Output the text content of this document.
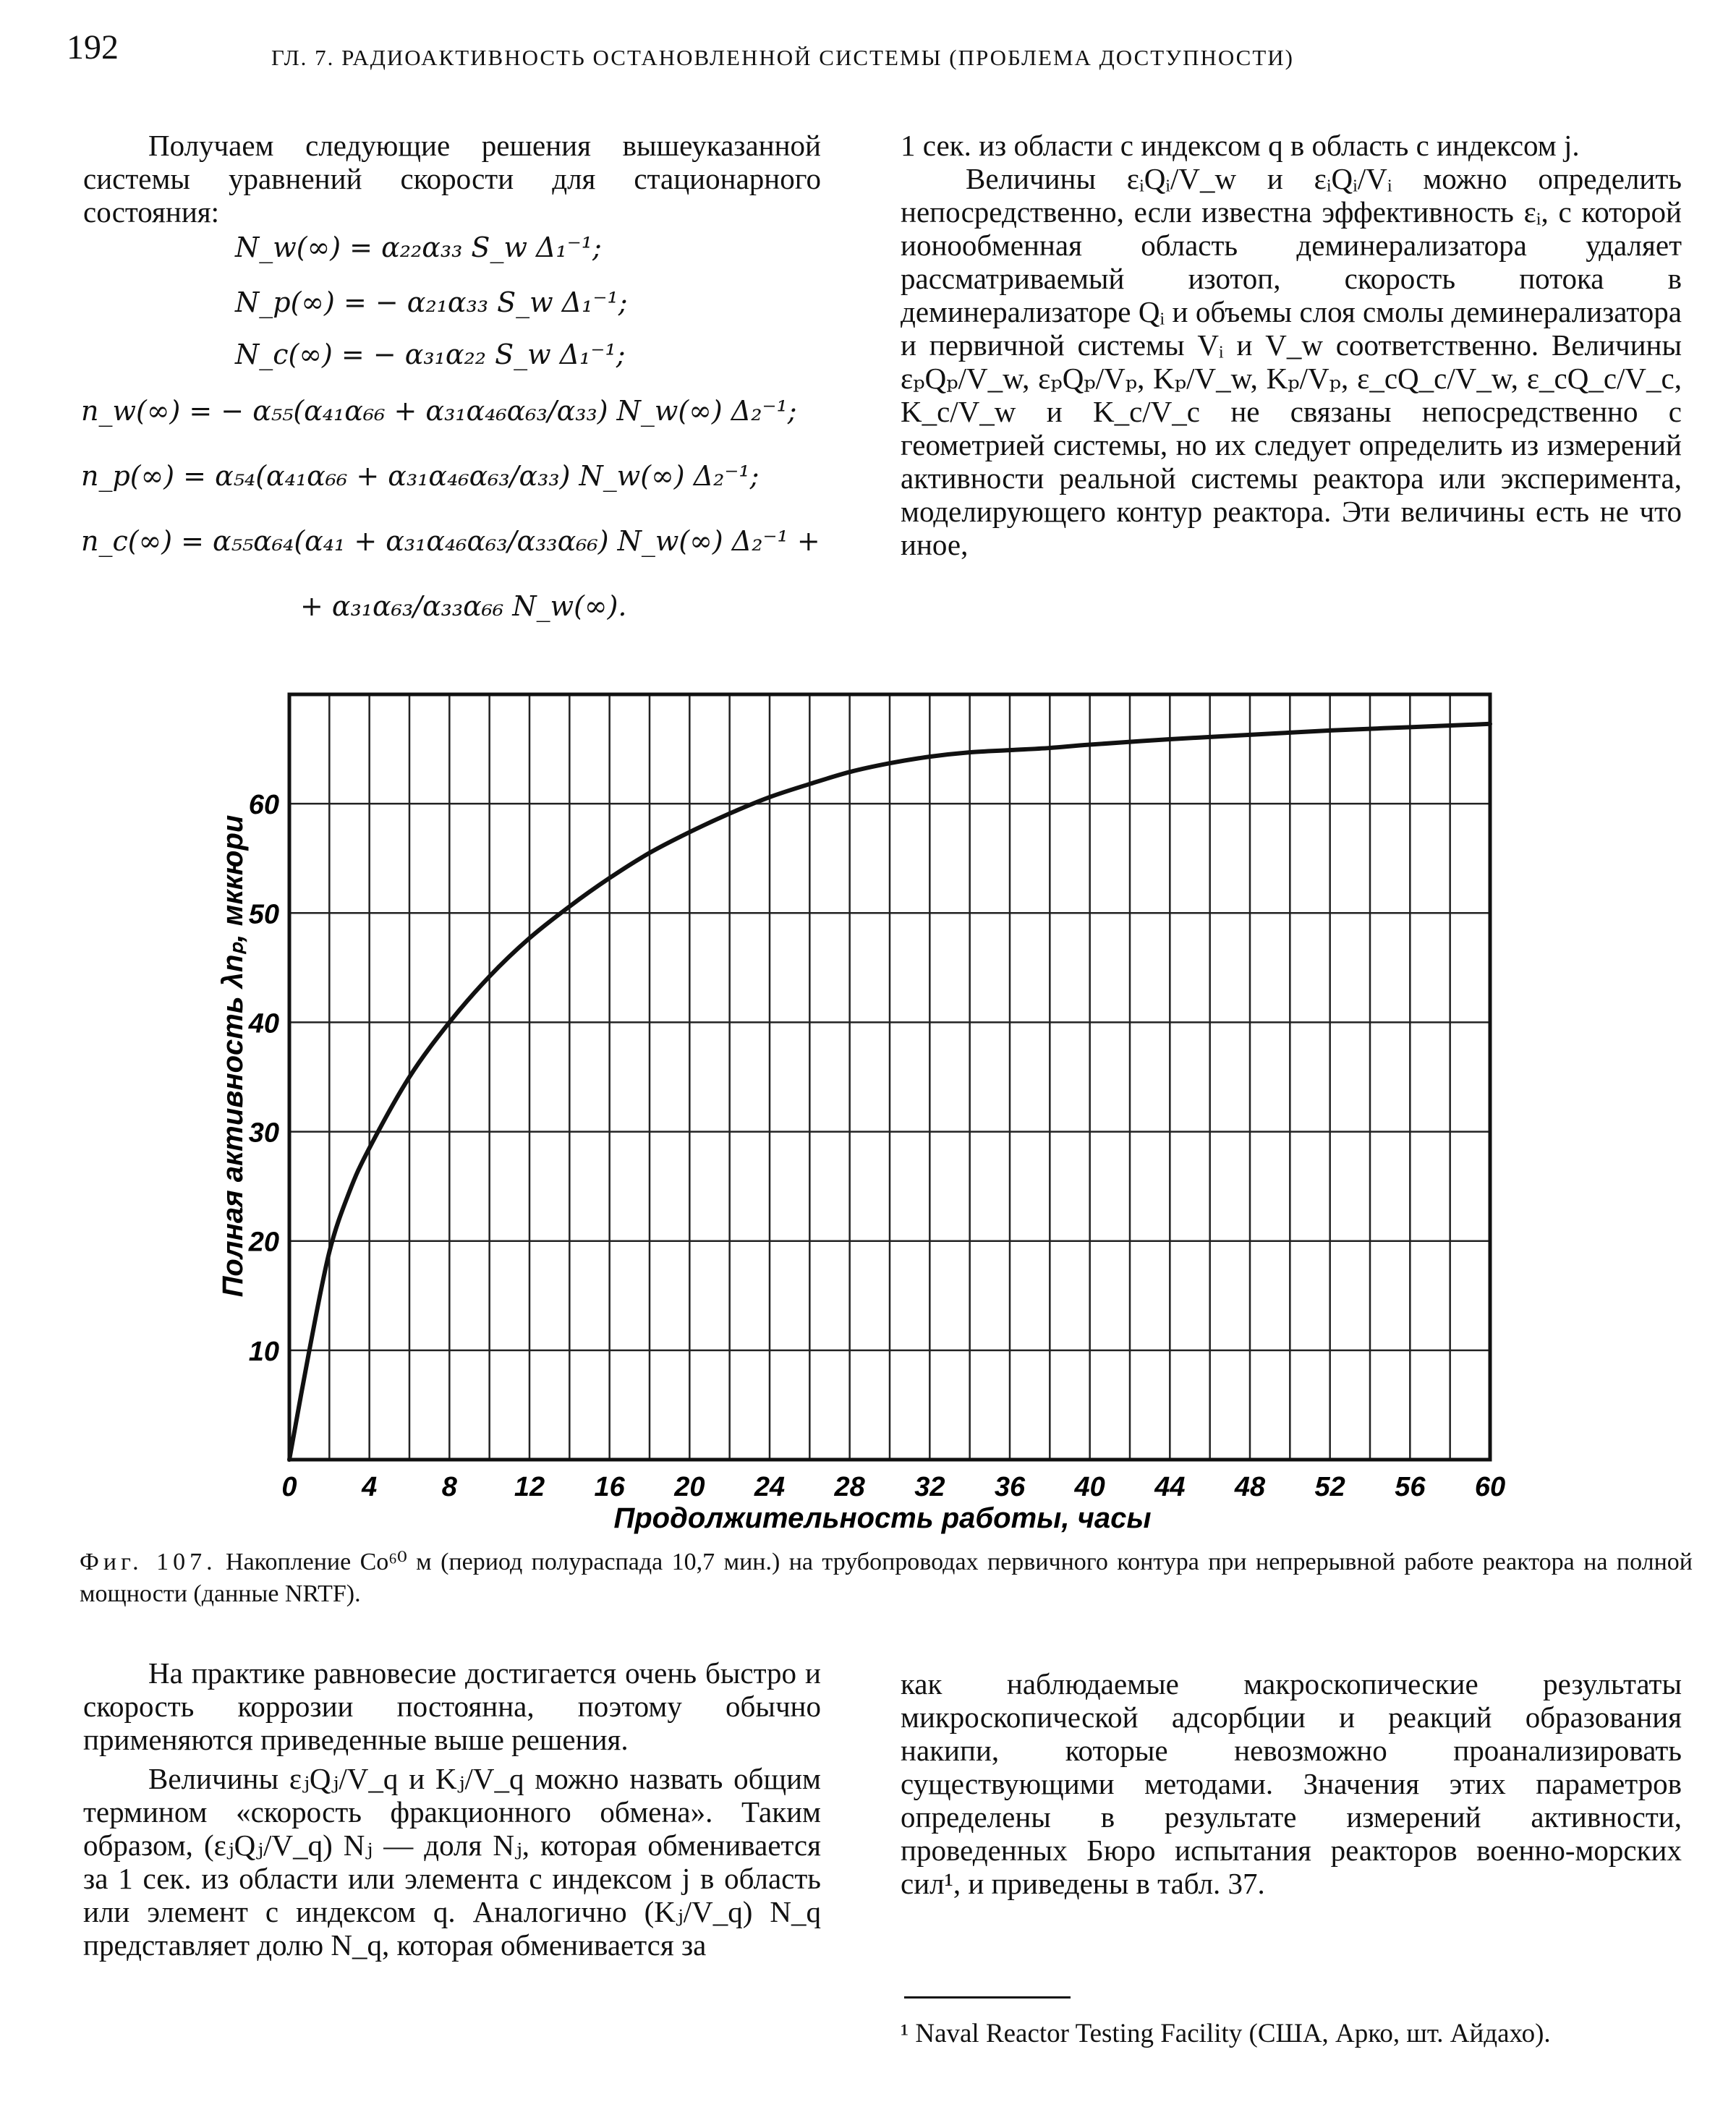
192	ГЛ. 7. РАДИОАКТИВНОСТЬ ОСТАНОВЛЕННОЙ СИСТЕМЫ (ПРОБЛЕМА ДОСТУПНОСТИ)

Получаем следующие решения вышеуказанной системы уравнений скорости для стационарного состояния:

N_w(∞) = α₂₂α₃₃ S_w Δ₁⁻¹;
N_p(∞) = − α₂₁α₃₃ S_w Δ₁⁻¹;
N_c(∞) = − α₃₁α₂₂ S_w Δ₁⁻¹;
n_w(∞) = − α₅₅(α₄₁α₆₆ + α₃₁α₄₆α₆₃/α₃₃) N_w(∞) Δ₂⁻¹;
n_p(∞) = α₅₄(α₄₁α₆₆ + α₃₁α₄₆α₆₃/α₃₃) N_w(∞) Δ₂⁻¹;
n_c(∞) = α₅₅α₆₄(α₄₁ + α₃₁α₄₆α₆₃/α₃₃α₆₆) N_w(∞) Δ₂⁻¹ +
+ α₃₁α₆₃/α₃₃α₆₆ N_w(∞).

1 сек. из области с индексом q в область с индексом j.

Величины εᵢQᵢ/V_w и εᵢQᵢ/Vᵢ можно определить непосредственно, если известна эффективность εᵢ, с которой ионообменная область деминерализатора удаляет рассматриваемый изотоп, скорость потока в деминерализаторе Qᵢ и объемы слоя смолы деминерализатора и первичной системы Vᵢ и V_w соответственно. Величины εₚQₚ/V_w, εₚQₚ/Vₚ, Kₚ/V_w, Kₚ/Vₚ, ε_cQ_c/V_w, ε_cQ_c/V_c, K_c/V_w и K_c/V_c не связаны непосредственно с геометрией системы, но их следует определить из измерений активности реальной системы реактора или эксперимента, моделирующего контур реактора. Эти величины есть не что иное,

0 4 8 12 16 20 24 28 32 36 40 44 48 52 56 60
10
20
30
40
50
60
Продолжительность работы, часы
Полная активность λnₚ, мккюри
Фиг. 107. Накопление Co⁶⁰ м (период полураспада 10,7 мин.) на трубопроводах первичного контура при непрерывной работе реактора на полной мощности (данные NRTF).

На практике равновесие достигается очень быстро и скорость коррозии постоянна, поэтому обычно применяются приведенные выше решения.

Величины εⱼQⱼ/V_q и Kⱼ/V_q можно назвать общим термином «скорость фракционного обмена». Таким образом, (εⱼQⱼ/V_q) Nⱼ — доля Nⱼ, которая обменивается за 1 сек. из области или элемента с индексом j в область или элемент с индексом q. Аналогично (Kⱼ/V_q) N_q представляет долю N_q, которая обменивается за

как наблюдаемые макроскопические результаты микроскопической адсорбции и реакций образования накипи, которые невозможно проанализировать существующими методами. Значения этих параметров определены в результате измерений активности, проведенных Бюро испытания реакторов военно-морских сил¹, и приведены в табл. 37.

¹ Naval Reactor Testing Facility (США, Арко, шт. Айдахо).
